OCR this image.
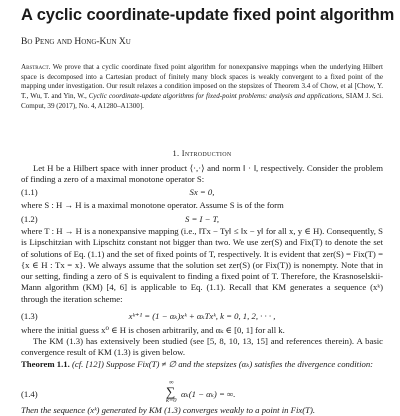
A cyclic coordinate-update fixed point algorithm
Bo Peng and Hong-Kun Xu
Abstract. We prove that a cyclic coordinate fixed point algorithm for nonexpansive mappings when the underlying Hilbert space is decomposed into a Cartesian product of finitely many block spaces is weakly convergent to a fixed point of the mapping under investigation. Our result relaxes a condition imposed on the stepsizes of Theorem 3.4 of Chow, et al [Chow, Y. T., Wu, T. and Yin, W., Cyclic coordinate-update algorithms for fixed-point problems: analysis and applications, SIAM J. Sci. Comput, 39 (2017), No. 4, A1280–A1300].
1. Introduction
Let H be a Hilbert space with inner product ⟨·,·⟩ and norm ‖ · ‖, respectively. Consider the problem of finding a zero of a maximal monotone operator S:
(1.1)	Sx = 0,
where S : H → H is a maximal monotone operator. Assume S is of the form
(1.2)	S = I − T,
where T : H → H is a nonexpansive mapping (i.e., ‖Tx − Ty‖ ≤ ‖x − y‖ for all x, y ∈ H). Consequently, S is Lipschitzian with Lipschitz constant not bigger than two. We use zer(S) and Fix(T) to denote the set of solutions of Eq. (1.1) and the set of fixed points of T, respectively. It is evident that zer(S) = Fix(T) = {x ∈ H : Tx = x}. We always assume that the solution set zer(S) (or Fix(T)) is nonempty. Note that in our setting, finding a zero of S is equivalent to finding a fixed point of T. Therefore, the Krasnoselskii-Mann algorithm (KM) [4, 6] is applicable to Eq. (1.1). Recall that KM generates a sequence (xᵏ) through the iteration scheme:
(1.3)	xᵏ⁺¹ = (1 − αₖ)xᵏ + αₖTxᵏ, k = 0, 1, 2, · · · ,
where the initial guess x⁰ ∈ H is chosen arbitrarily, and αₖ ∈ [0, 1] for all k.
The KM (1.3) has extensively been studied (see [5, 8, 10, 13, 15] and references therein). A basic convergence result of KM (1.3) is given below.
Theorem 1.1. (cf. [12]) Suppose Fix(T) ≠ ∅ and the stepsizes (αₖ) satisfies the divergence condition:
(1.4)
∞
∑
k=0
αₖ(1 − αₖ) = ∞.
Then the sequence (xᵏ) generated by KM (1.3) converges weakly to a point in Fix(T).
